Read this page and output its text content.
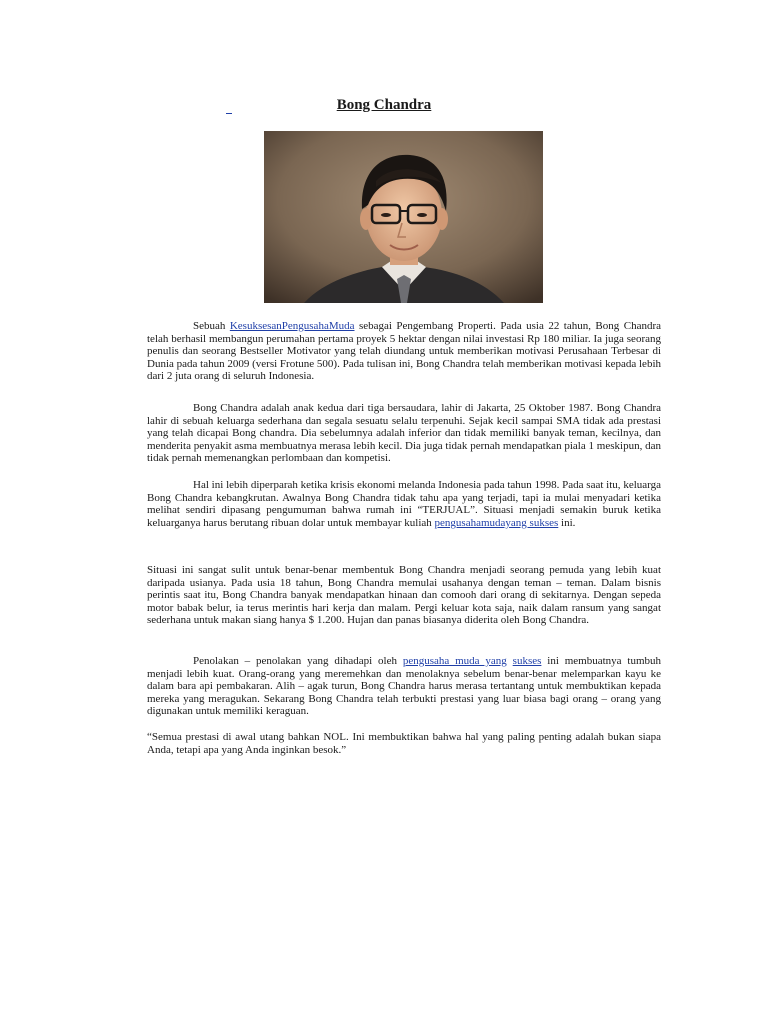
Bong Chandra

Sebuah KesuksesanPengusahaMuda sebagai Pengembang Properti. Pada usia 22 tahun, Bong Chandra telah berhasil membangun perumahan pertama proyek 5 hektar dengan nilai investasi Rp 180 miliar. Ia juga seorang penulis dan seorang Bestseller Motivator yang telah diundang untuk memberikan motivasi Perusahaan Terbesar di Dunia pada tahun 2009 (versi Frotune 500). Pada tulisan ini, Bong Chandra telah memberikan motivasi kepada lebih dari 2 juta orang di seluruh Indonesia.

Bong Chandra adalah anak kedua dari tiga bersaudara, lahir di Jakarta, 25 Oktober 1987. Bong Chandra lahir di sebuah keluarga sederhana dan segala sesuatu selalu terpenuhi. Sejak kecil sampai SMA tidak ada prestasi yang telah dicapai Bong chandra. Dia sebelumnya adalah inferior dan tidak memiliki banyak teman, kecilnya, dan menderita penyakit asma membuatnya merasa lebih kecil. Dia juga tidak pernah mendapatkan piala 1 meskipun, dan tidak pernah memenangkan perlombaan dan kompetisi.

Hal ini lebih diperparah ketika krisis ekonomi melanda Indonesia pada tahun 1998. Pada saat itu, keluarga Bong Chandra kebangkrutan. Awalnya Bong Chandra tidak tahu apa yang terjadi, tapi ia mulai menyadari ketika melihat sendiri dipasang pengumuman bahwa rumah ini “TERJUAL”. Situasi menjadi semakin buruk ketika keluarganya harus berutang ribuan dolar untuk membayar kuliah pengusahamudayang sukses ini.

Situasi ini sangat sulit untuk benar-benar membentuk Bong Chandra menjadi seorang pemuda yang lebih kuat daripada usianya. Pada usia 18 tahun, Bong Chandra memulai usahanya dengan teman – teman. Dalam bisnis perintis saat itu, Bong Chandra banyak mendapatkan hinaan dan comooh dari orang di sekitarnya. Dengan sepeda motor babak belur, ia terus merintis hari kerja dan malam. Pergi keluar kota saja, naik dalam ransum yang sangat sederhana untuk makan siang hanya $ 1.200. Hujan dan panas biasanya diderita oleh Bong Chandra.

Penolakan – penolakan yang dihadapi oleh pengusaha muda yang sukses ini membuatnya tumbuh menjadi lebih kuat. Orang-orang yang meremehkan dan menolaknya sebelum benar-benar melemparkan kayu ke dalam bara api pembakaran. Alih – agak turun, Bong Chandra harus merasa tertantang untuk membuktikan kepada mereka yang meragukan. Sekarang Bong Chandra telah terbukti prestasi yang luar biasa bagi orang – orang yang digunakan untuk memiliki keraguan.

“Semua prestasi di awal utang bahkan NOL. Ini membuktikan bahwa hal yang paling penting adalah bukan siapa Anda, tetapi apa yang Anda inginkan besok.”
